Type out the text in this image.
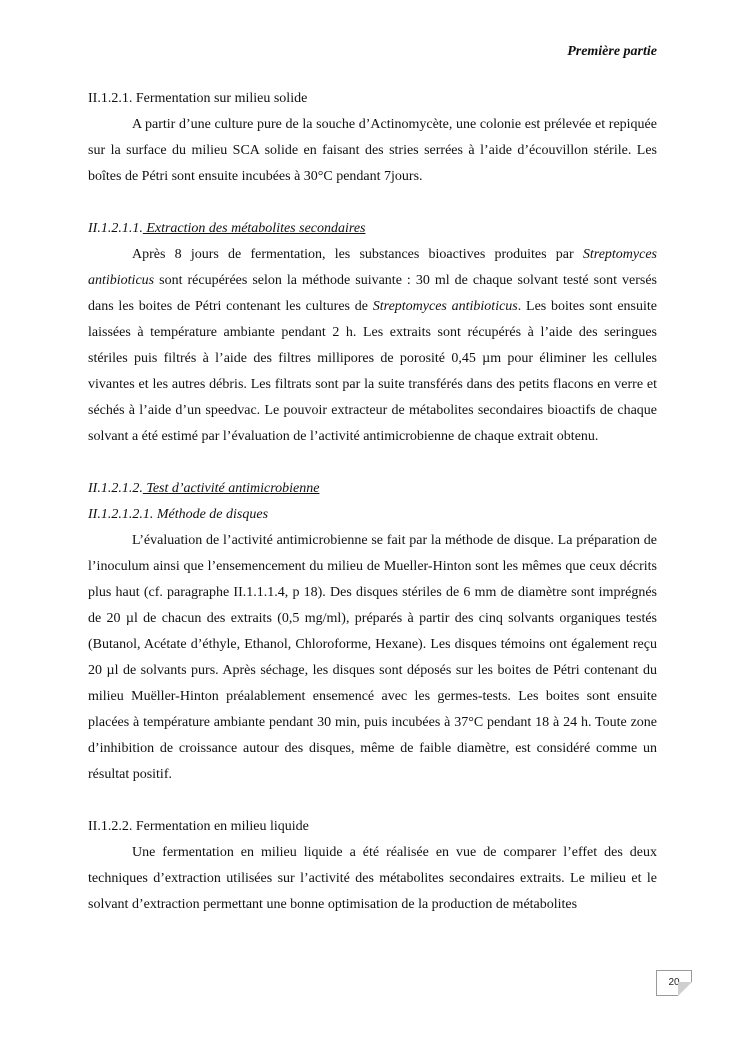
Première partie

II.1.2.1. Fermentation sur milieu solide

A partir d’une culture pure de la souche d’Actinomycète, une colonie est prélevée et repiquée sur la surface du milieu SCA solide en faisant des stries serrées à l’aide d’écouvillon stérile. Les boîtes de Pétri sont ensuite incubées à 30°C pendant 7jours.

II.1.2.1.1. Extraction des métabolites secondaires

Après 8 jours de fermentation, les substances bioactives produites par Streptomyces antibioticus sont récupérées selon la méthode suivante : 30 ml de chaque solvant testé sont versés dans les boites de Pétri contenant les cultures de Streptomyces antibioticus. Les boites sont ensuite laissées à température ambiante pendant 2 h. Les extraits sont récupérés à l’aide des seringues stériles puis filtrés à l’aide des filtres millipores de porosité 0,45 µm pour éliminer les cellules vivantes et les autres débris. Les filtrats sont par la suite transférés dans des petits flacons en verre et séchés à l’aide d’un speedvac. Le pouvoir extracteur de métabolites secondaires bioactifs de chaque solvant a été estimé par l’évaluation de l’activité antimicrobienne de chaque extrait obtenu.

II.1.2.1.2. Test d’activité antimicrobienne

II.1.2.1.2.1. Méthode de disques

L’évaluation de l’activité antimicrobienne se fait par la méthode de disque. La préparation de l’inoculum ainsi que l’ensemencement du milieu de Mueller-Hinton sont les mêmes que ceux décrits plus haut (cf. paragraphe II.1.1.1.4, p 18). Des disques stériles de 6 mm de diamètre sont imprégnés de 20 µl de chacun des extraits (0,5 mg/ml), préparés à partir des cinq solvants organiques testés (Butanol, Acétate d’éthyle, Ethanol, Chloroforme, Hexane). Les disques témoins ont également reçu 20 µl de solvants purs. Après séchage, les disques sont déposés sur les boites de Pétri contenant du milieu Muëller-Hinton préalablement ensemencé avec les germes-tests. Les boites sont ensuite placées à température ambiante pendant 30 min, puis incubées à 37°C pendant 18 à 24 h. Toute zone d’inhibition de croissance autour des disques, même de faible diamètre, est considéré comme un résultat positif.

II.1.2.2. Fermentation en milieu liquide

Une fermentation en milieu liquide a été réalisée en vue de comparer l’effet des deux techniques d’extraction utilisées sur l’activité des métabolites secondaires extraits. Le milieu et le solvant d’extraction permettant une bonne optimisation de la production de métabolites

20
